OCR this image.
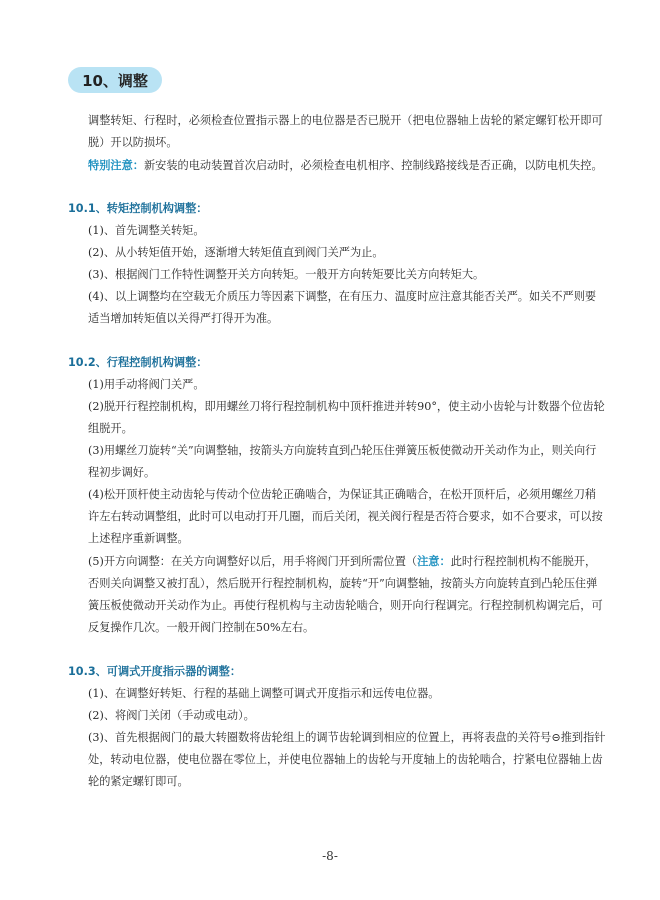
10、调整

调整转矩、行程时，必须检查位置指示器上的电位器是否已脱开（把电位器轴上齿轮的紧定螺钉松开即可脱）开以防损坏。

特别注意：新安装的电动装置首次启动时，必须检查电机相序、控制线路接线是否正确，以防电机失控。

10.1、转矩控制机构调整：
(1)、首先调整关转矩。
(2)、从小转矩值开始，逐渐增大转矩值直到阀门关严为止。
(3)、根据阀门工作特性调整开关方向转矩。一般开方向转矩要比关方向转矩大。
(4)、以上调整均在空载无介质压力等因素下调整，在有压力、温度时应注意其能否关严。如关不严则要适当增加转矩值以关得严打得开为准。
10.2、行程控制机构调整：
(1)用手动将阀门关严。
(2)脱开行程控制机构，即用螺丝刀将行程控制机构中顶杆推进并转90°，使主动小齿轮与计数器个位齿轮组脱开。
(3)用螺丝刀旋转“关”向调整轴，按箭头方向旋转直到凸轮压住弹簧压板使微动开关动作为止，则关向行程初步调好。
(4)松开顶杆使主动齿轮与传动个位齿轮正确啮合，为保证其正确啮合，在松开顶杆后，必须用螺丝刀稍许左右转动调整组，此时可以电动打开几圈，而后关闭，视关阀行程是否符合要求，如不合要求，可以按上述程序重新调整。
(5)开方向调整：在关方向调整好以后，用手将阀门开到所需位置（注意：此时行程控制机构不能脱开，否则关向调整又被打乱），然后脱开行程控制机构，旋转“开”向调整轴，按箭头方向旋转直到凸轮压住弹簧压板使微动开关动作为止。再使行程机构与主动齿轮啮合，则开向行程调完。行程控制机构调完后，可反复操作几次。一般开阀门控制在50%左右。
10.3、可调式开度指示器的调整：
(1)、在调整好转矩、行程的基础上调整可调式开度指示和远传电位器。
(2)、将阀门关闭（手动或电动）。
(3)、首先根据阀门的最大转圈数将齿轮组上的调节齿轮调到相应的位置上，再将表盘的关符号⊝推到指针处，转动电位器，使电位器在零位上，并使电位器轴上的齿轮与开度轴上的齿轮啮合，拧紧电位器轴上齿轮的紧定螺钉即可。
-8-
